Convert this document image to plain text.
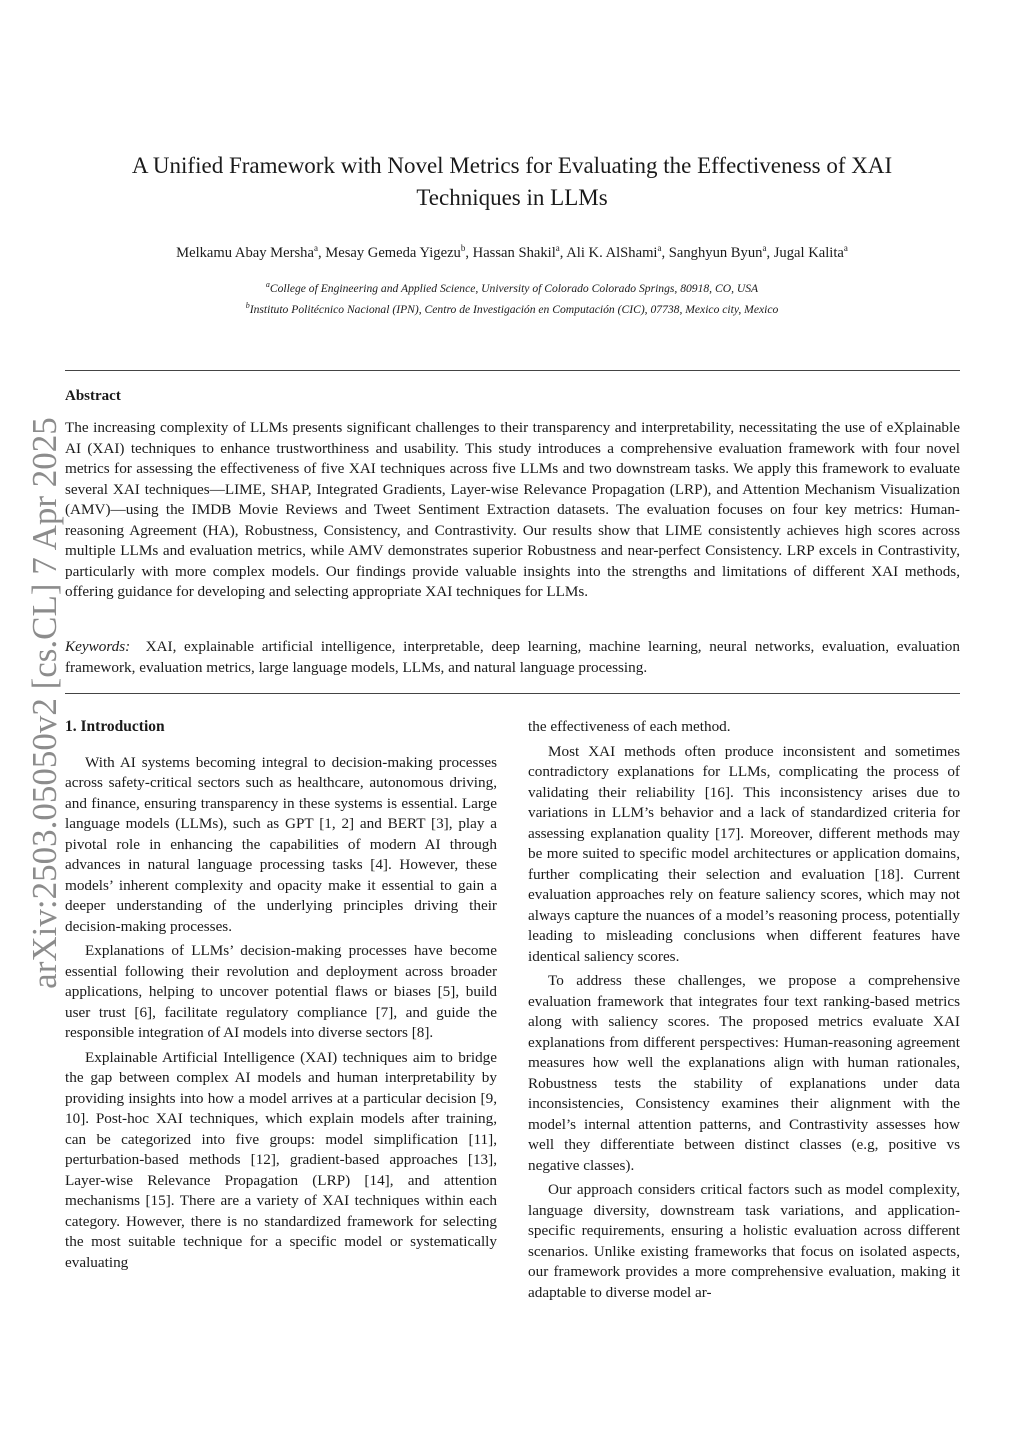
arXiv:2503.05050v2 [cs.CL] 7 Apr 2025
A Unified Framework with Novel Metrics for Evaluating the Effectiveness of XAI Techniques in LLMs
Melkamu Abay Mersha$^a$, Mesay Gemeda Yigezu$^b$, Hassan Shakil$^a$, Ali K. AlShami$^a$, Sanghyun Byun$^a$, Jugal Kalita$^a$
$^a$College of Engineering and Applied Science, University of Colorado Colorado Springs, 80918, CO, USA
$^b$Instituto Politécnico Nacional (IPN), Centro de Investigación en Computación (CIC), 07738, Mexico city, Mexico
Abstract
The increasing complexity of LLMs presents significant challenges to their transparency and interpretability, necessitating the use of eXplainable AI (XAI) techniques to enhance trustworthiness and usability. This study introduces a comprehensive evaluation framework with four novel metrics for assessing the effectiveness of five XAI techniques across five LLMs and two downstream tasks. We apply this framework to evaluate several XAI techniques—LIME, SHAP, Integrated Gradients, Layer-wise Relevance Propagation (LRP), and Attention Mechanism Visualization (AMV)—using the IMDB Movie Reviews and Tweet Sentiment Extraction datasets. The evaluation focuses on four key metrics: Human-reasoning Agreement (HA), Robustness, Consistency, and Contrastivity. Our results show that LIME consistently achieves high scores across multiple LLMs and evaluation metrics, while AMV demonstrates superior Robustness and near-perfect Consistency. LRP excels in Contrastivity, particularly with more complex models. Our findings provide valuable insights into the strengths and limitations of different XAI methods, offering guidance for developing and selecting appropriate XAI techniques for LLMs.
Keywords: XAI, explainable artificial intelligence, interpretable, deep learning, machine learning, neural networks, evaluation, evaluation framework, evaluation metrics, large language models, LLMs, and natural language processing.
1. Introduction

With AI systems becoming integral to decision-making processes across safety-critical sectors such as healthcare, autonomous driving, and finance, ensuring transparency in these systems is essential. Large language models (LLMs), such as GPT [1, 2] and BERT [3], play a pivotal role in enhancing the capabilities of modern AI through advances in natural language processing tasks [4]. However, these models’ inherent complexity and opacity make it essential to gain a deeper understanding of the underlying principles driving their decision-making processes.

Explanations of LLMs’ decision-making processes have become essential following their revolution and deployment across broader applications, helping to uncover potential flaws or biases [5], build user trust [6], facilitate regulatory compliance [7], and guide the responsible integration of AI models into diverse sectors [8].

Explainable Artificial Intelligence (XAI) techniques aim to bridge the gap between complex AI models and human interpretability by providing insights into how a model arrives at a particular decision [9, 10]. Post-hoc XAI techniques, which explain models after training, can be categorized into five groups: model simplification [11], perturbation-based methods [12], gradient-based approaches [13], Layer-wise Relevance Propagation (LRP) [14], and attention mechanisms [15]. There are a variety of XAI techniques within each category. However, there is no standardized framework for selecting the most suitable technique for a specific model or systematically evaluating

the effectiveness of each method.

Most XAI methods often produce inconsistent and sometimes contradictory explanations for LLMs, complicating the process of validating their reliability [16]. This inconsistency arises due to variations in LLM’s behavior and a lack of standardized criteria for assessing explanation quality [17]. Moreover, different methods may be more suited to specific model architectures or application domains, further complicating their selection and evaluation [18]. Current evaluation approaches rely on feature saliency scores, which may not always capture the nuances of a model’s reasoning process, potentially leading to misleading conclusions when different features have identical saliency scores.

To address these challenges, we propose a comprehensive evaluation framework that integrates four text ranking-based metrics along with saliency scores. The proposed metrics evaluate XAI explanations from different perspectives: Human-reasoning agreement measures how well the explanations align with human rationales, Robustness tests the stability of explanations under data inconsistencies, Consistency examines their alignment with the model’s internal attention patterns, and Contrastivity assesses how well they differentiate between distinct classes (e.g, positive vs negative classes).

Our approach considers critical factors such as model complexity, language diversity, downstream task variations, and application-specific requirements, ensuring a holistic evaluation across different scenarios. Unlike existing frameworks that focus on isolated aspects, our framework provides a more comprehensive evaluation, making it adaptable to diverse model ar-
